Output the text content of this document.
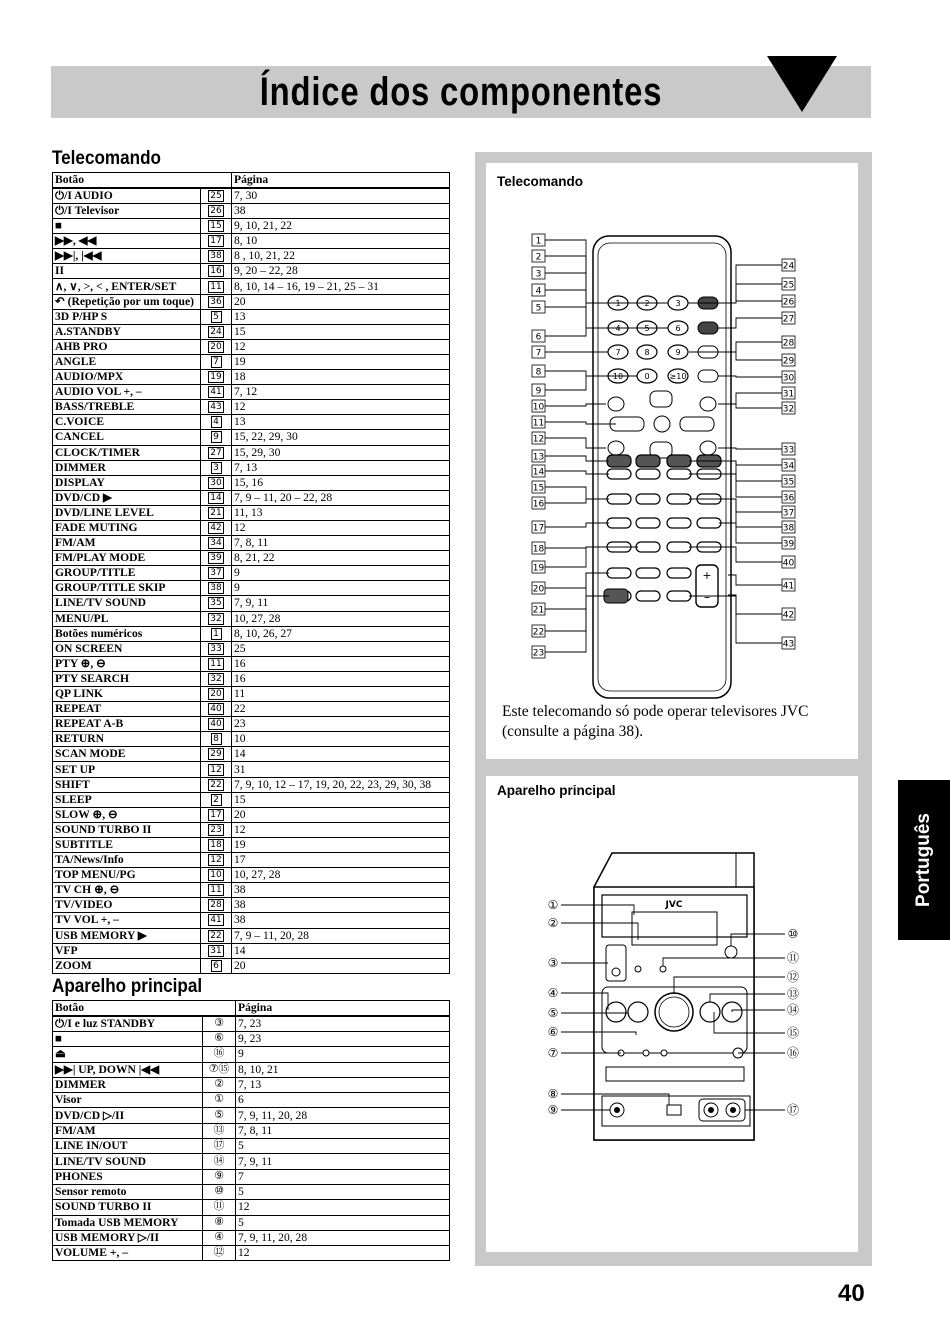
Índice dos componentes
Telecomando
Botão		Página
⏻/I AUDIO	25	7, 30
⏻/I Televisor	26	38
■	15	9, 10, 21, 22
▶▶, ◀◀	17	8, 10
▶▶|, |◀◀	38	8 , 10, 21, 22
II	16	9, 20 – 22, 28
∧, ∨, >, < , ENTER/SET	11	8, 10, 14 – 16, 19 – 21, 25 – 31
↶ (Repetição por um toque)	36	20
3D P/HP S	5	13
A.STANDBY	24	15
AHB PRO	20	12
ANGLE	7	19
AUDIO/MPX	19	18
AUDIO VOL +, –	41	7, 12
BASS/TREBLE	43	12
C.VOICE	4	13
CANCEL	9	15, 22, 29, 30
CLOCK/TIMER	27	15, 29, 30
DIMMER	3	7, 13
DISPLAY	30	15, 16
DVD/CD ▶	14	7, 9 – 11, 20 – 22, 28
DVD/LINE LEVEL	21	11, 13
FADE MUTING	42	12
FM/AM	34	7, 8, 11
FM/PLAY MODE	39	8, 21, 22
GROUP/TITLE	37	9
GROUP/TITLE SKIP	38	9
LINE/TV SOUND	35	7, 9, 11
MENU/PL	32	10, 27, 28
Botões numéricos	1	8, 10, 26, 27
ON SCREEN	33	25
PTY ⊕, ⊖	11	16
PTY SEARCH	32	16
QP LINK	20	11
REPEAT	40	22
REPEAT A-B	40	23
RETURN	8	10
SCAN MODE	29	14
SET UP	12	31
SHIFT	22	7, 9, 10, 12 – 17, 19, 20, 22, 23, 29, 30, 38
SLEEP	2	15
SLOW ⊕, ⊖	17	20
SOUND TURBO II	23	12
SUBTITLE	18	19
TA/News/Info	12	17
TOP MENU/PG	10	10, 27, 28
TV CH ⊕, ⊖	11	38
TV/VIDEO	28	38
TV VOL +, –	41	38
USB MEMORY ▶	22	7, 9 – 11, 20, 28
VFP	31	14
ZOOM	6	20
Aparelho principal
Botão		Página
⏻/I e luz STANDBY	③	7, 23
■	⑥	9, 23
⏏	⑯	9
▶▶| UP, DOWN |◀◀	⑦⑮	8, 10, 21
DIMMER	②	7, 13
Visor	①	6
DVD/CD ▷/II	⑤	7, 9, 11, 20, 28
FM/AM	⑬	7, 8, 11
LINE IN/OUT	⑰	5
LINE/TV SOUND	⑭	7, 9, 11
PHONES	⑨	7
Sensor remoto	⑩	5
SOUND TURBO II	⑪	12
Tomada USB MEMORY	⑧	5
USB MEMORY ▷/II	④	7, 9, 11, 20, 28
VOLUME +, –	⑫	12
Telecomando
1	2	3
4	5	6
7	8	9
10	0	≥10
+
–
1
2
3
4
5
6
7
8
9
10
11
12
13
14
15
16
17
18
19
20
21
22
23
24
25
26
27
28
29
30
31
32
33
34
35
36
37
38
39
40
41
42
43
Este telecomando só pode operar televisores JVC
(consulte a página 38).
Aparelho principal
JVC
①
②
③
④
⑤
⑥
⑦
⑧
⑨
⑩
⑪
⑫
⑬
⑭
⑮
⑯
⑰
Português
40
